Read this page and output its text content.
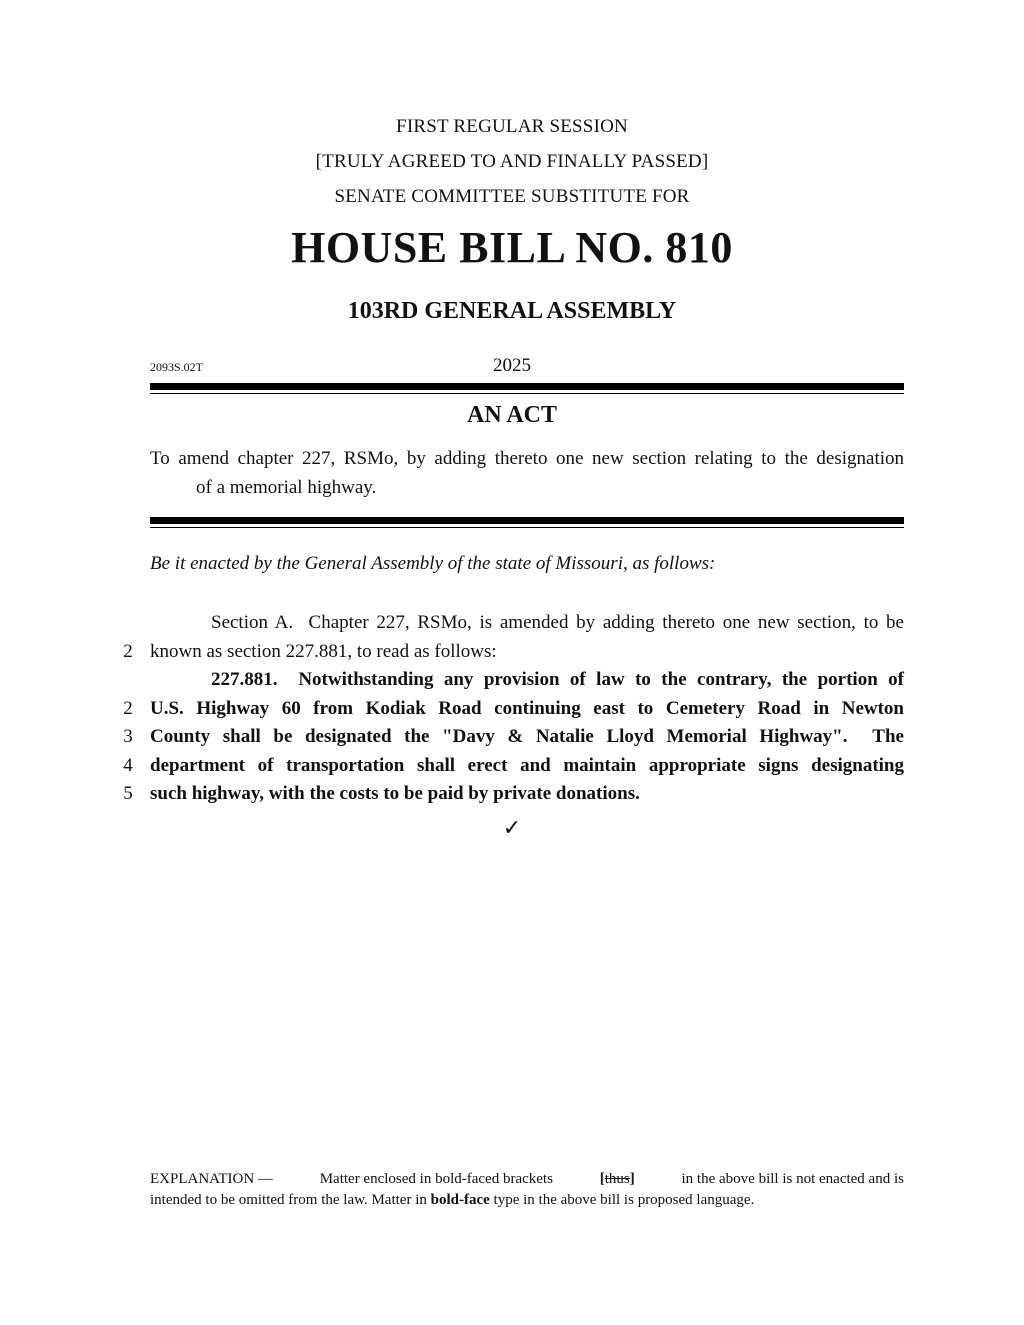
FIRST REGULAR SESSION
[TRULY AGREED TO AND FINALLY PASSED]
SENATE COMMITTEE SUBSTITUTE FOR
HOUSE BILL NO. 810
103RD GENERAL ASSEMBLY
2093S.02T	2025
AN ACT
To amend chapter 227, RSMo, by adding thereto one new section relating to the designation
of a memorial highway.
Be it enacted by the General Assembly of the state of Missouri, as follows:
Section A.  Chapter 227, RSMo, is amended by adding thereto one new section, to be
2 known as section 227.881, to read as follows:
227.881.  Notwithstanding any provision of law to the contrary, the portion of
2 U.S. Highway 60 from Kodiak Road continuing east to Cemetery Road in Newton
3 County shall be designated the "Davy & Natalie Lloyd Memorial Highway".  The
4 department of transportation shall erect and maintain appropriate signs designating
5 such highway, with the costs to be paid by private donations.
✓
EXPLANATION —	Matter enclosed in bold-faced brackets	[thus]	in the above bill is not enacted and is
intended to be omitted from the law. Matter in bold-face type in the above bill is proposed language.
